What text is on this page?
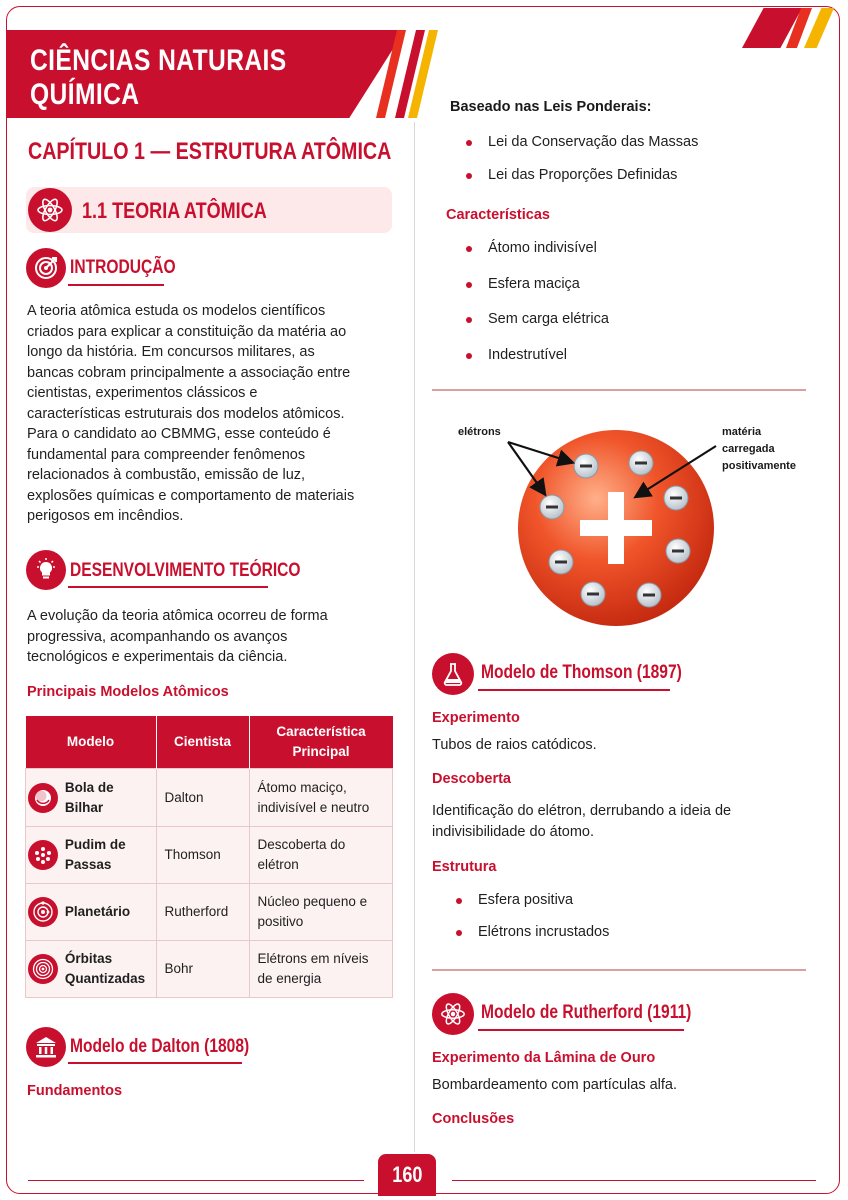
CIÊNCIAS NATURAIS
QUÍMICA
CAPÍTULO 1 — ESTRUTURA ATÔMICA
1.1 TEORIA ATÔMICA
INTRODUÇÃO
A teoria atômica estuda os modelos científicos
criados para explicar a constituição da matéria ao
longo da história. Em concursos militares, as
bancas cobram principalmente a associação entre
cientistas, experimentos clássicos e
características estruturais dos modelos atômicos.
Para o candidato ao CBMMG, esse conteúdo é
fundamental para compreender fenômenos
relacionados à combustão, emissão de luz,
explosões químicas e comportamento de materiais
perigosos em incêndios.
DESENVOLVIMENTO TEÓRICO
A evolução da teoria atômica ocorreu de forma
progressiva, acompanhando os avanços
tecnológicos e experimentais da ciência.
Principais Modelos Atômicos
Modelo		Cientista	Característica Principal

	Bola de Bilhar	Dalton	Átomo maciço, indivisível e neutro

	Pudim de Passas	Thomson	Descoberta do elétron

	Planetário	Rutherford	Núcleo pequeno e positivo

	Órbitas Quantizadas	Bohr	Elétrons em níveis de energia
Modelo de Dalton (1808)
Fundamentos
Baseado nas Leis Ponderais:
Lei da Conservação das Massas
Lei das Proporções Definidas
Características
Átomo indivisível
Esfera maciça
Sem carga elétrica
Indestrutível
elétrons	matéria
carregada
positivamente
Modelo de Thomson (1897)
Experimento
Tubos de raios catódicos.
Descoberta
Identificação do elétron, derrubando a ideia de
indivisibilidade do átomo.
Estrutura
Esfera positiva
Elétrons incrustados
Modelo de Rutherford (1911)
Experimento da Lâmina de Ouro
Bombardeamento com partículas alfa.
Conclusões
160
